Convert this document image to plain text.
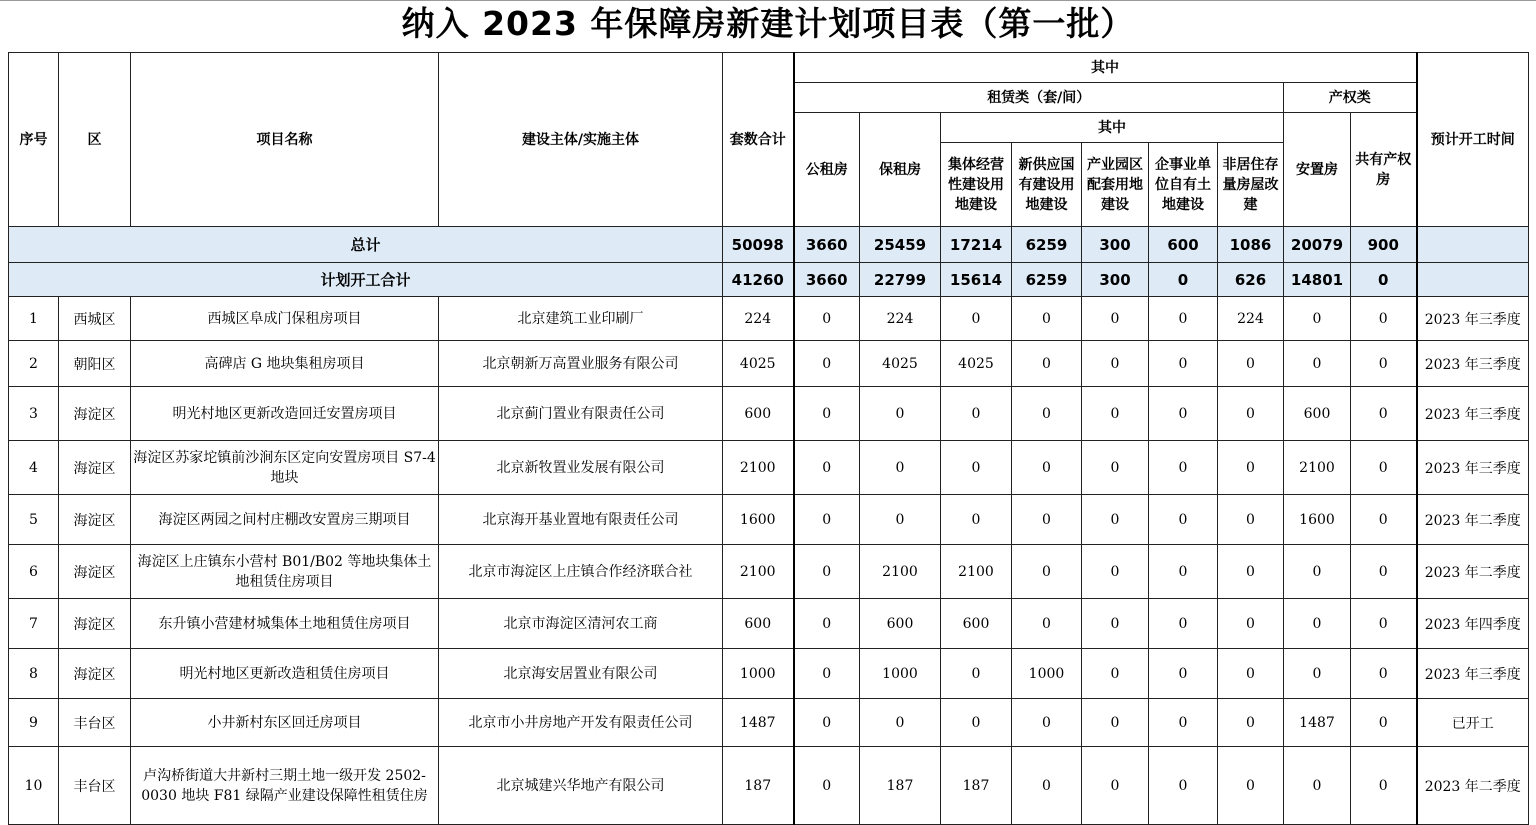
纳入 2023 年保障房新建计划项目表（第一批）
序号	区	项目名称	建设主体/实施主体	套数合计	其中									预计开工时间
					租赁类（套/间）							产权类		
					公租房	保租房	其中					安置房	共有产权房	
							集体经营性建设用地建设	新供应国有建设用地建设	产业园区配套用地建设	企事业单位自有土地建设	非居住存量房屋改建			
总计				50098	3660	25459	17214	6259	300	600	1086	20079	900	
计划开工合计				41260	3660	22799	15614	6259	300	0	626	14801	0	
1	西城区	西城区阜成门保租房项目	北京建筑工业印刷厂	224	0	224	0	0	0	0	224	0	0	2023 年三季度
2	朝阳区	高碑店 G 地块集租房项目	北京朝新万高置业服务有限公司	4025	0	4025	4025	0	0	0	0	0	0	2023 年三季度
3	海淀区	明光村地区更新改造回迁安置房项目	北京蓟门置业有限责任公司	600	0	0	0	0	0	0	0	600	0	2023 年三季度
4	海淀区	海淀区苏家坨镇前沙涧东区定向安置房项目 S7-4 地块	北京新牧置业发展有限公司	2100	0	0	0	0	0	0	0	2100	0	2023 年三季度
5	海淀区	海淀区两园之间村庄棚改安置房三期项目	北京海开基业置地有限责任公司	1600	0	0	0	0	0	0	0	1600	0	2023 年二季度
6	海淀区	海淀区上庄镇东小营村 B01/B02 等地块集体土地租赁住房项目	北京市海淀区上庄镇合作经济联合社	2100	0	2100	2100	0	0	0	0	0	0	2023 年二季度
7	海淀区	东升镇小营建材城集体土地租赁住房项目	北京市海淀区清河农工商	600	0	600	600	0	0	0	0	0	0	2023 年四季度
8	海淀区	明光村地区更新改造租赁住房项目	北京海安居置业有限公司	1000	0	1000	0	1000	0	0	0	0	0	2023 年三季度
9	丰台区	小井新村东区回迁房项目	北京市小井房地产开发有限责任公司	1487	0	0	0	0	0	0	0	1487	0	已开工
10	丰台区	卢沟桥街道大井新村三期土地一级开发 2502-0030 地块 F81 绿隔产业建设保障性租赁住房	北京城建兴华地产有限公司	187	0	187	187	0	0	0	0	0	0	2023 年二季度
